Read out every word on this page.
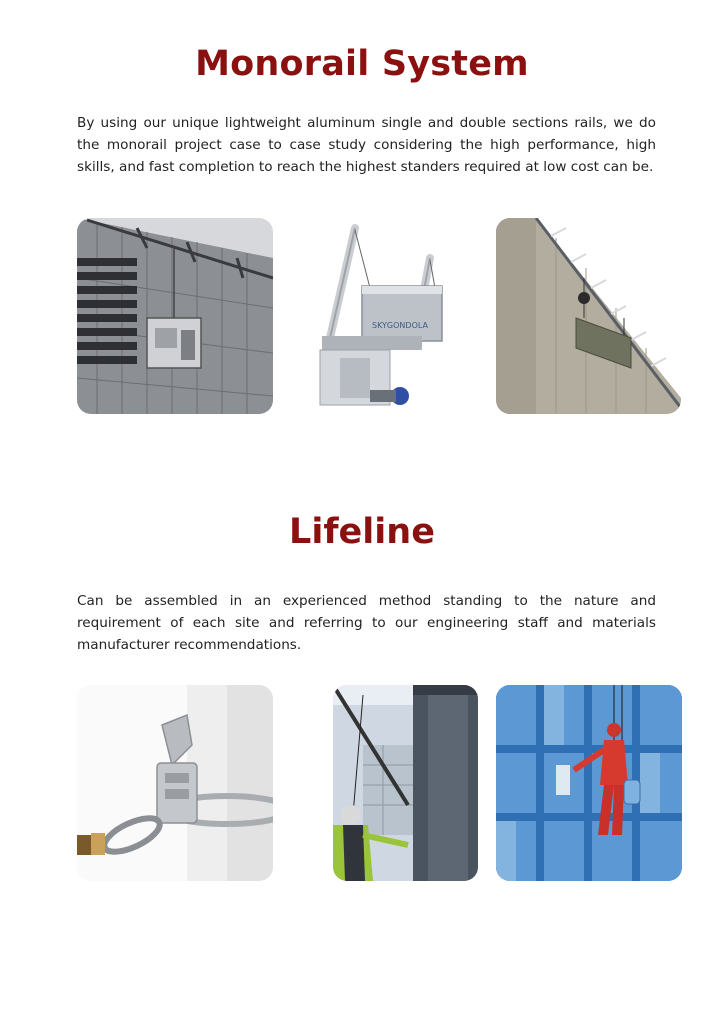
Monorail System

By using our unique lightweight aluminum single and double sections rails, we do the monorail project case to case study considering the high performance, high skills, and fast completion to reach the highest standers required at low cost can be.

SKYGONDOLA
Lifeline

Can be assembled in an experienced method standing to the nature and requirement of each site and referring to our engineering staff and materials manufacturer recommendations.
